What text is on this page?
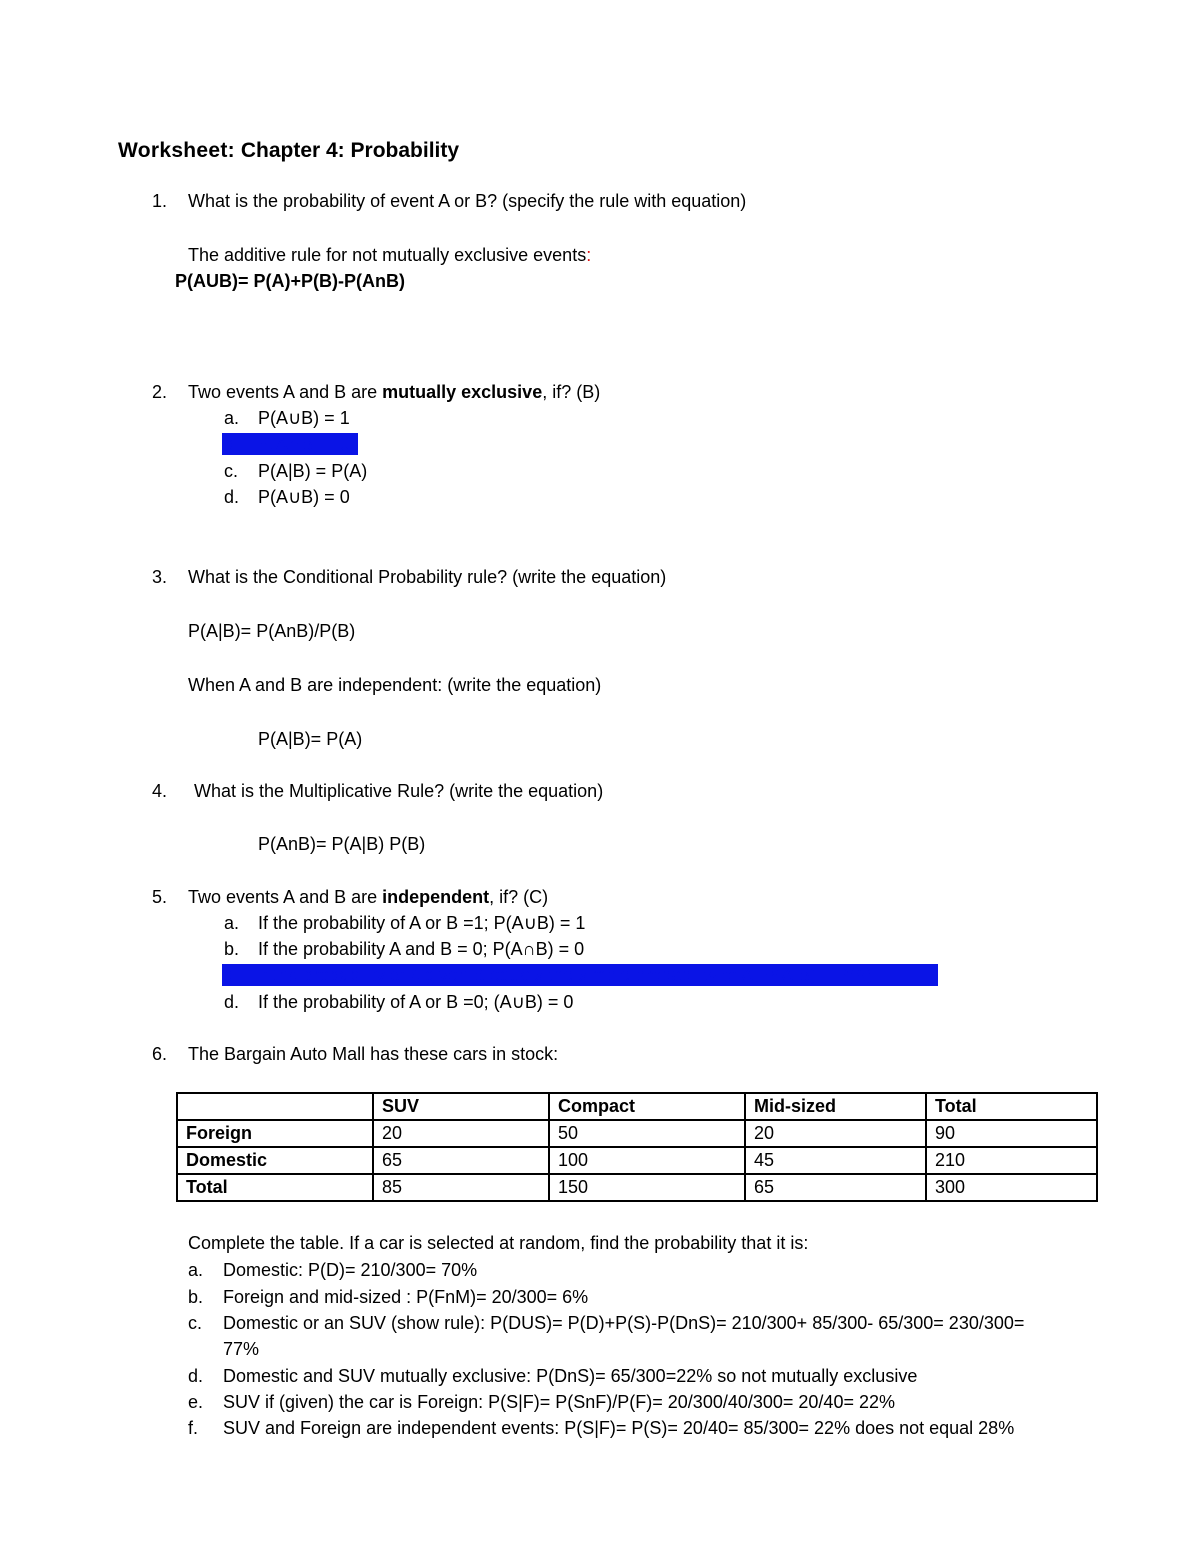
Worksheet: Chapter 4: Probability
1. What is the probability of event A or B? (specify the rule with equation)
The additive rule for not mutually exclusive events:
P(AUB)= P(A)+P(B)-P(AnB)
2. Two events A and B are mutually exclusive, if? (B)
a. P(A∪B) = 1
b. P(A∩B) = 0

c. P(A|B) = P(A)
d. P(A∪B) = 0
3. What is the Conditional Probability rule? (write the equation)
P(A|B)= P(AnB)/P(B)
When A and B are independent: (write the equation)
P(A|B)= P(A)
4. What is the Multiplicative Rule? (write the equation)
P(AnB)= P(A|B) P(B)
5. Two events A and B are independent, if? (C)
a. If the probability of A or B =1; P(A∪B) = 1
b. If the probability A and B = 0; P(A∩B) = 0
c. If the probability of A given B equals the simple probability of A; P(A|B) = P(A)

d. If the probability of A or B =0; (A∪B) = 0
6. The Bargain Auto Mall has these cars in stock:
	SUV	Compact	Mid-sized	Total
Foreign	20	50	20	90
Domestic	65	100	45	210
Total	85	150	65	300
Complete the table. If a car is selected at random, find the probability that it is:
a. Domestic: P(D)= 210/300= 70%
b. Foreign and mid-sized : P(FnM)= 20/300= 6%
c. Domestic or an SUV (show rule): P(DUS)= P(D)+P(S)-P(DnS)= 210/300+ 85/300- 65/300= 230/300=
77%
d. Domestic and SUV mutually exclusive: P(DnS)= 65/300=22% so not mutually exclusive
e. SUV if (given) the car is Foreign: P(S|F)= P(SnF)/P(F)= 20/300/40/300= 20/40= 22%
f. SUV and Foreign are independent events: P(S|F)= P(S)= 20/40= 85/300= 22% does not equal 28%
